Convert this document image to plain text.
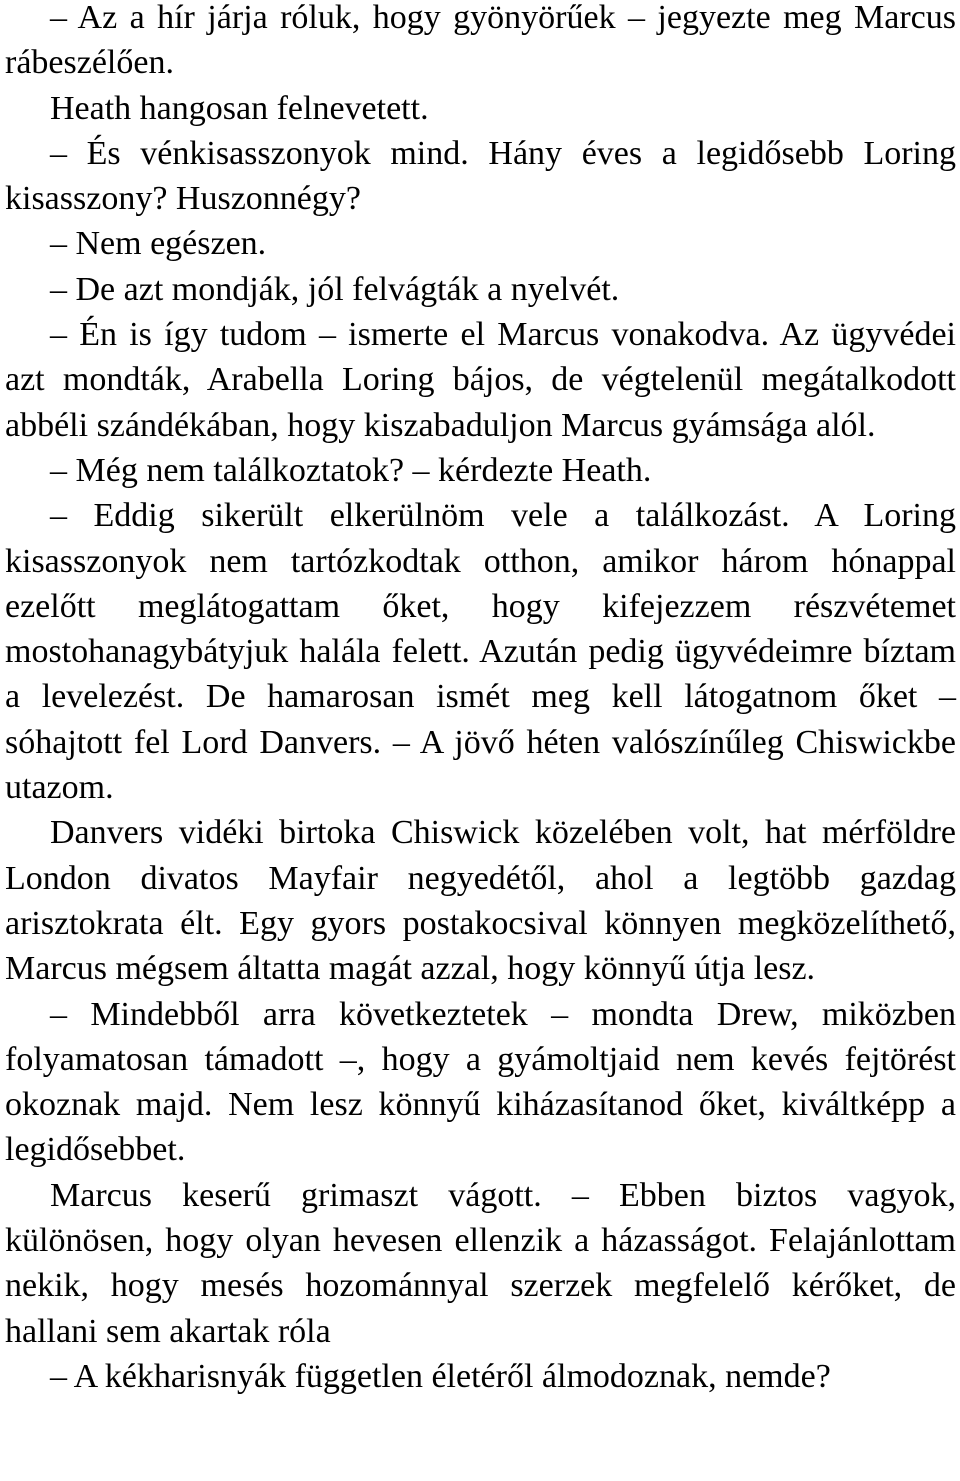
– Az a hír járja róluk, hogy gyönyörűek – jegyezte meg Marcus rábeszélően.

Heath hangosan felnevetett.

– És vénkisasszonyok mind. Hány éves a legidősebb Loring kisasszony? Huszonnégy?

– Nem egészen.

– De azt mondják, jól felvágták a nyelvét.

– Én is így tudom – ismerte el Marcus vonakodva. Az ügyvédei azt mondták, Arabella Loring bájos, de végtelenül megátalkodott abbéli szándékában, hogy kiszabaduljon Marcus gyámsága alól.

– Még nem találkoztatok? – kérdezte Heath.

– Eddig sikerült elkerülnöm vele a találkozást. A Loring kisasszonyok nem tartózkodtak otthon, amikor három hónappal ezelőtt meglátogattam őket, hogy kifejezzem részvétemet mostohanagybátyjuk halála felett. Azután pedig ügyvédeimre bíztam a levelezést. De hamarosan ismét meg kell látogatnom őket – sóhajtott fel Lord Danvers. – A jövő héten valószínűleg Chiswickbe utazom.

Danvers vidéki birtoka Chiswick közelében volt, hat mérföldre London divatos Mayfair negyedétől, ahol a legtöbb gazdag arisztokrata élt. Egy gyors postakocsival könnyen megközelíthető, Marcus mégsem áltatta magát azzal, hogy könnyű útja lesz.

– Mindebből arra következtetek – mondta Drew, miközben folyamatosan támadott –, hogy a gyámoltjaid nem kevés fejtörést okoznak majd. Nem lesz könnyű kiházasítanod őket, kiváltképp a legidősebbet.

Marcus keserű grimaszt vágott. – Ebben biztos vagyok, különösen, hogy olyan hevesen ellenzik a házasságot. Felajánlottam nekik, hogy mesés hozománnyal szerzek megfelelő kérőket, de hallani sem akartak róla

– A kékharisnyák független életéről álmodoznak, nemde?
